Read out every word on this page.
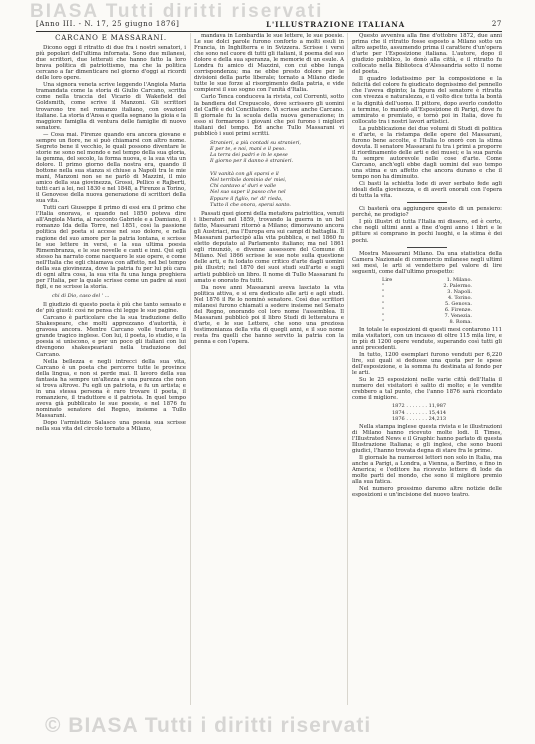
BIASA Tutti diritti riservati
[Anno III. - N. 17, 25 giugno 1876]	L'ILLUSTRAZIONE ITALIANA	27
CARCANO E MASSARANI.

Dicono oggi il ritratto di due fra i nostri senatori, i più popolari dell'ultima infornata. Sono due milanesi, due scrittori, due letterati che hanno fatto la loro brava politica di patriottismo, ma che la politica cercano a far dimenticare nel giorno d'oggi ai ricordi delle loro opere.

Una signora veneta scrive leggendo l'Angiola Maria tramandata come la storia di Giulio Carcano, scritta come nella traccia del Vicario di Wakefield del Goldsmith, come scrive il Manzoni. Gli scrittori trovarono tre nel romanzo italiano, con ovazioni italiane. La storia d'Ansa e quella segnano la gioia e la maggiore famiglia di ventura delle famiglie di nuovo senatore.

— Cosa mai. Firenze quando era ancora giovane e sempre un fiore, ne si può chiamarsi con altro nome. Segreto bene il vecchio, le quali possono diventare le storie ne sono nel mondo e nel tempo della sua gloria, la gemma, del secolo, la forma nuova, e la sua vita un dolore. Il primo giorno della nostra era, quando il bottone nella sua stanza si chiuse a Napoli tra le mie mani, Manzoni non se ne parlò di Mazzini, il mio amico della sua giovinezza, Grossi, Pellico e Rajberti, tutti cari a lei, nel 1830 e nel 1848, a Firenze a Torino, il Genovese della nuova generazione di scrittori della sua vita.

Tutti cari Giuseppe il primo di essi era il primo che l'Italia onorava, e quando nel 1850 poteva dire all'Angiola Maria, al racconto Gabriele e a Damiano, il romanzo Ida della Torre, nel 1851, così la passione politica del poeta si accese nel suo dolore, e nella ragione del suo amore per la patria lontana, e scrisse le sue lettere in versi, e la sua ultima poesia Rimembranza, e le sue novelle e canti e inni. Qui egli stesso ha narrato come nacquero le sue opere, e come nell'Italia che egli chiamava con affetto, nel bel tempo della sua giovinezza, dove la patria fu per lui più cara di ogni altra cosa, la sua vita fu una lunga preghiera per l'Italia, per la quale scrisse come un padre ai suoi figli, e ne scrisse la storia.

chi di Dio, caso del ' ...

Il giudizio di questo poeta è più che tanto sensato e de' più giusti: così ne pensa chi legge le sue pagine.

Carcano è particolare che la sua traduzione dello Shakespeare, che molti apprezzano d'autorità, è gravosa ancora. Mentre Carcano volle tradurre il grande tragico inglese. Con lui, il poeta, lo studio, e la poesia si uniscono, e per un poco gli italiani con lui divengono shakespeariani nella traduzione del Carcano.

Nella bellezza e negli intrecci della sua vita, Carcano è un poeta che percorre tutte le province della lingua, e non si perde mai. Il lavoro della sua fantasia ha sempre un'altezza e una purezza che non si trova altrove. Fu egli un patriota, e fu un artista; e in una stessa persona è raro trovare il poeta, il romanziere, il traduttore e il patriota. In quel tempo aveva già pubblicato le sue poesie, e nel 1876 fu nominato senatore del Regno, insieme a Tullo Massarani.

Dopo l'armistizio Salasco una poesia sua scrisse nella sua vita del circolo tornato a Milano,

mandava in Lombardia le sue lettere, le sue poesie. Le sue dolci parole furono conforto a molti esuli in Francia, in Inghilterra e in Svizzera. Scrisse i versi che sono nel cuore di tutti gli italiani, il poema del suo dolore e della sua speranza, le memorie di un esule. A Londra fu amico di Mazzini, con cui ebbe lunga corrispondenza; ma ne ebbe presto dolore per le divisioni della parte liberale; tornato a Milano diede tutte le sue forze al risorgimento della patria, e vide compiersi il suo sogno con l'unità d'Italia.

Carlo Tenca conduceva la rivista, col Correnti, sotto la bandiera del Crepuscolo, dove scrissero gli uomini del Caffè e del Conciliatore. Vi scrisse anche Carcano. Il giornale fu la scuola della nuova generazione; in esso si formarono i giovani che poi furono i migliori italiani del tempo. Ed anche Tullo Massarani vi pubblicò i suoi primi scritti.

Stranieri, a più contadi su stranieri,
E per te, e noi, mani e il peso.
La terra dei padri e in le spese
Il giorno per il danno è stranieri.

Vil vanità con gli sparsi e il
Nel terribile dominio de' miei,
Chi cantavo a' duri e valle
Nel suo saper il passo che nel
Eppure il figlio, ne' di' rieda,
Tutto il che onora, sperai santo.

Passati quei giorni della metafora patriottica, venuti i liberatori nel 1859, trovando la guerra in un bel fatto, Massarani ritornò a Milano; dimoravano ancora gli Austriaci, ma l'Europa era sui campi di battaglia. Il Massarani partecipò alla vita pubblica, e nel 1860 fu eletto deputato al Parlamento italiano; ma nel 1861 egli rinunziò, e divenne assessore del Comune di Milano. Nel 1866 scrisse le sue note sulla questione delle arti, e fu lodato come critico d'arte dagli uomini più illustri; nel 1870 dei suoi studi sull'arte e sugli artisti pubblicò un libro. Il nome di Tullo Massarani fu amato e onorato fra tutti.

Da nove anni Massarani aveva lasciato la vita politica attiva, e si era dedicato alle arti e agli studi. Nel 1876 il Re lo nominò senatore. Così due scrittori milanesi furono chiamati a sedere insieme nel Senato del Regno, onorando col loro nome l'assemblea. Il Massarani pubblicò poi il libro Studi di letteratura e d'arte, e le sue Lettere, che sono una preziosa testimonianza della vita di quegli anni, e il suo nome resta fra quelli che hanno servito la patria con la penna e con l'opera.

Questo avveniva alla fine d'ottobre 1872, due anni prima che il ritratto fosse esposto a Milano sotto un altro aspetto, assumendo prima il carattere d'un'opera d'arte per l'Esposizione italiana. L'autore, dopo il giudizio pubblico, lo donò alla città, e il ritratto fu collocato nella Biblioteca d'Alessandria sotto il nome del poeta.

Il quadro lodatissimo per la composizione e la felicità del colore fu giudicato degnissimo del pennello che l'aveva dipinto; la figura del senatore è ritratta con vivezza e naturalezza, e il volto dice tutta la bontà e la dignità dell'uomo. Il pittore, dopo averlo condotto a termine, lo mandò all'Esposizione di Parigi, dove fu ammirato e premiato, e tornò poi in Italia, dove fu collocato tra i nostri lavori artistici.

La pubblicazione dei due volumi di Studi di politica e d'arte, e la ristampa delle opere del Massarani, furono bene accolte, e l'Italia lo onorò con la stima dovuta. Il senatore Massarani fu tra i primi a proporre il riordinamento delle arti e dei musei; e la sua parola fu sempre autorevole nelle cose d'arte. Come Carcano, anch'egli ebbe dagli uomini del suo tempo una stima e un affetto che ancora durano e che il tempo non ha diminuito.

Ci basti la schietta lode di aver serbato fede agli ideali della giovinezza, e di averli onorati con l'opera di tutta la vita.

Ci basterà ora aggiungere questo di un pensiero: perché, ne prodigio?

I più illustri di tutta l'Italia mi dissero, ed è certo, che negli ultimi anni a fine d'ogni anno i libri e le pitture si comprano in pochi luoghi, e la stima è dei pochi.

Mostra Massarani Milano. Da una statistica della Camera Nazionale di commercio milanese negli ultimi sei mesi, le arti si vendettero pel valore di lire seguenti, come dall'ultimo prospetto:

Lire	1. Milano.
"	2. Palermo.
"	3. Napoli.
"	4. Torino.
"	5. Genova.
"	6. Firenze.
"	7. Venezia.
"	8. Roma.

In totale le esposizioni di questi mesi contarono 111 mila visitatori, con un incasso di oltre 115 mila lire, e in più di 1200 opere vendute, superando così tutti gli anni precedenti.

In tutto, 1200 esemplari furono venduti per 6,220 lire, sui quali si dedusse una quota per le spese dell'esposizione, e la somma fu destinata al fondo per le arti.

Su le 25 esposizioni nelle varie città dell'Italia il numero dei visitatori è salito di molto; e le vendite crebbero a tal punto, che l'anno 1876 sarà ricordato come il migliore.

1872 . . . . . . . 11,987
1874 . . . . . . . 15,414
1876 . . . . . . . 24,213

Nella stampa inglese questa rivista e le illustrazioni di Milano hanno ricevuto molte lodi. Il Times, l'Illustrated News e il Graphic hanno parlato di questa Illustrazione Italiana; e gli inglesi, che sono buoni giudici, l'hanno trovata degna di stare fra le prime.

Il giornale ha numerosi lettori non solo in Italia, ma anche a Parigi, a Londra, a Vienna, a Berlino, e fino in America; e l'editore ha ricevuto lettere di lode da molte parti del mondo, che sono il migliore premio alla sua fatica.

Nel numero prossimo daremo altre notizie delle esposizioni e un'incisione del nuovo teatro.

© BIASA Tutti i diritti riservati
